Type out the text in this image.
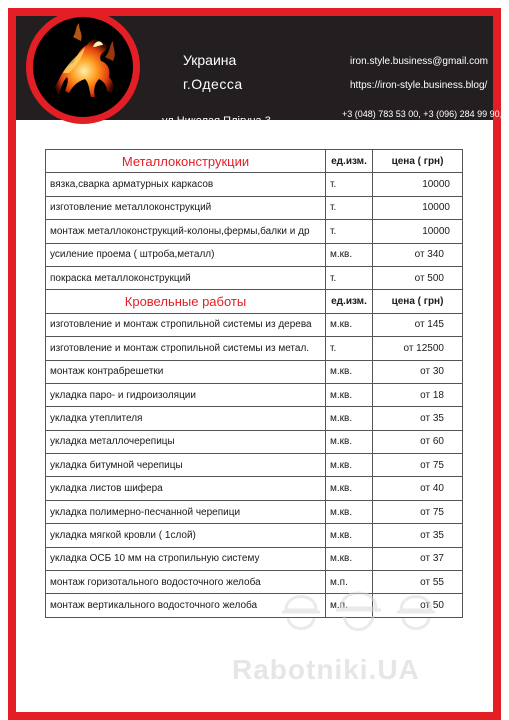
Украина
г.Одесса
ул.Николая Плігуна 3
iron.style.business@gmail.com
https://iron-style.business.blog/
+3 (048) 783 53 00, +3 (096) 284 99 90,
+3 (063) 342 98 19
Металлоконструкции	ед.изм.	цена ( грн)
вязка,сварка арматурных каркасов	т.	10000
изготовление металлоконструкций	т.	10000
монтаж металлоконструкций-колоны,фермы,балки и др	т.	10000
усиление проема ( штроба,металл)	м.кв.	от 340
покраска металлоконструкций	т.	от 500
Кровельные работы	ед.изм.	цена ( грн)
изготовление и монтаж стропильной системы из дерева	м.кв.	от 145
изготовление и монтаж стропильной системы из метал.	т.	от 12500
монтаж контрабрешетки	м.кв.	от 30
укладка паро- и гидроизоляции	м.кв.	от 18
укладка утеплителя	м.кв.	от 35
укладка металлочерепицы	м.кв.	от 60
укладка битумной черепицы	м.кв.	от 75
укладка листов шифера	м.кв.	от 40
укладка полимерно-песчанной черепици	м.кв.	от 75
укладка мягкой кровли ( 1слой)	м.кв.	от 35
укладка ОСБ 10 мм на стропильную систему	м.кв.	от 37
монтаж горизотального водосточного желоба	м.п.	от 55
монтаж вертикального водосточного желоба	м.п.	от 50
Rabotniki.UA
